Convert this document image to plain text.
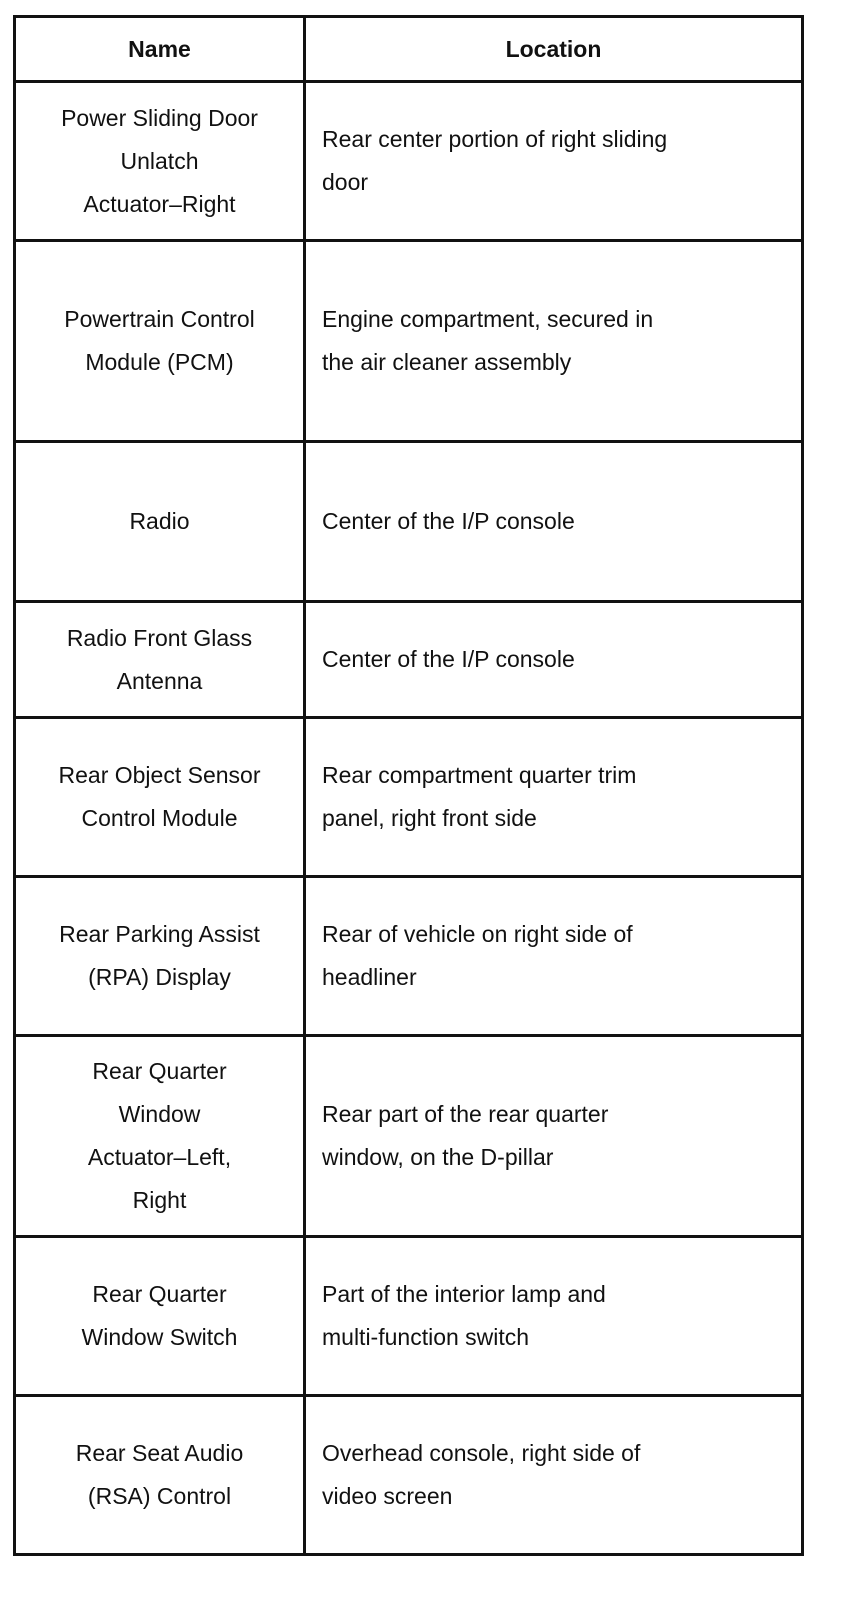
Name	Location

Power Sliding Door
Unlatch
Actuator–Right	Rear center portion of right sliding
door

Powertrain Control
Module (PCM)	Engine compartment, secured in
the air cleaner assembly

Radio	Center of the I/P console

Radio Front Glass
Antenna	Center of the I/P console

Rear Object Sensor
Control Module	Rear compartment quarter trim
panel, right front side

Rear Parking Assist
(RPA) Display	Rear of vehicle on right side of
headliner

Rear Quarter
Window
Actuator–Left,
Right	Rear part of the rear quarter
window, on the D-pillar

Rear Quarter
Window Switch	Part of the interior lamp and
multi-function switch

Rear Seat Audio
(RSA) Control	Overhead console, right side of
video screen
